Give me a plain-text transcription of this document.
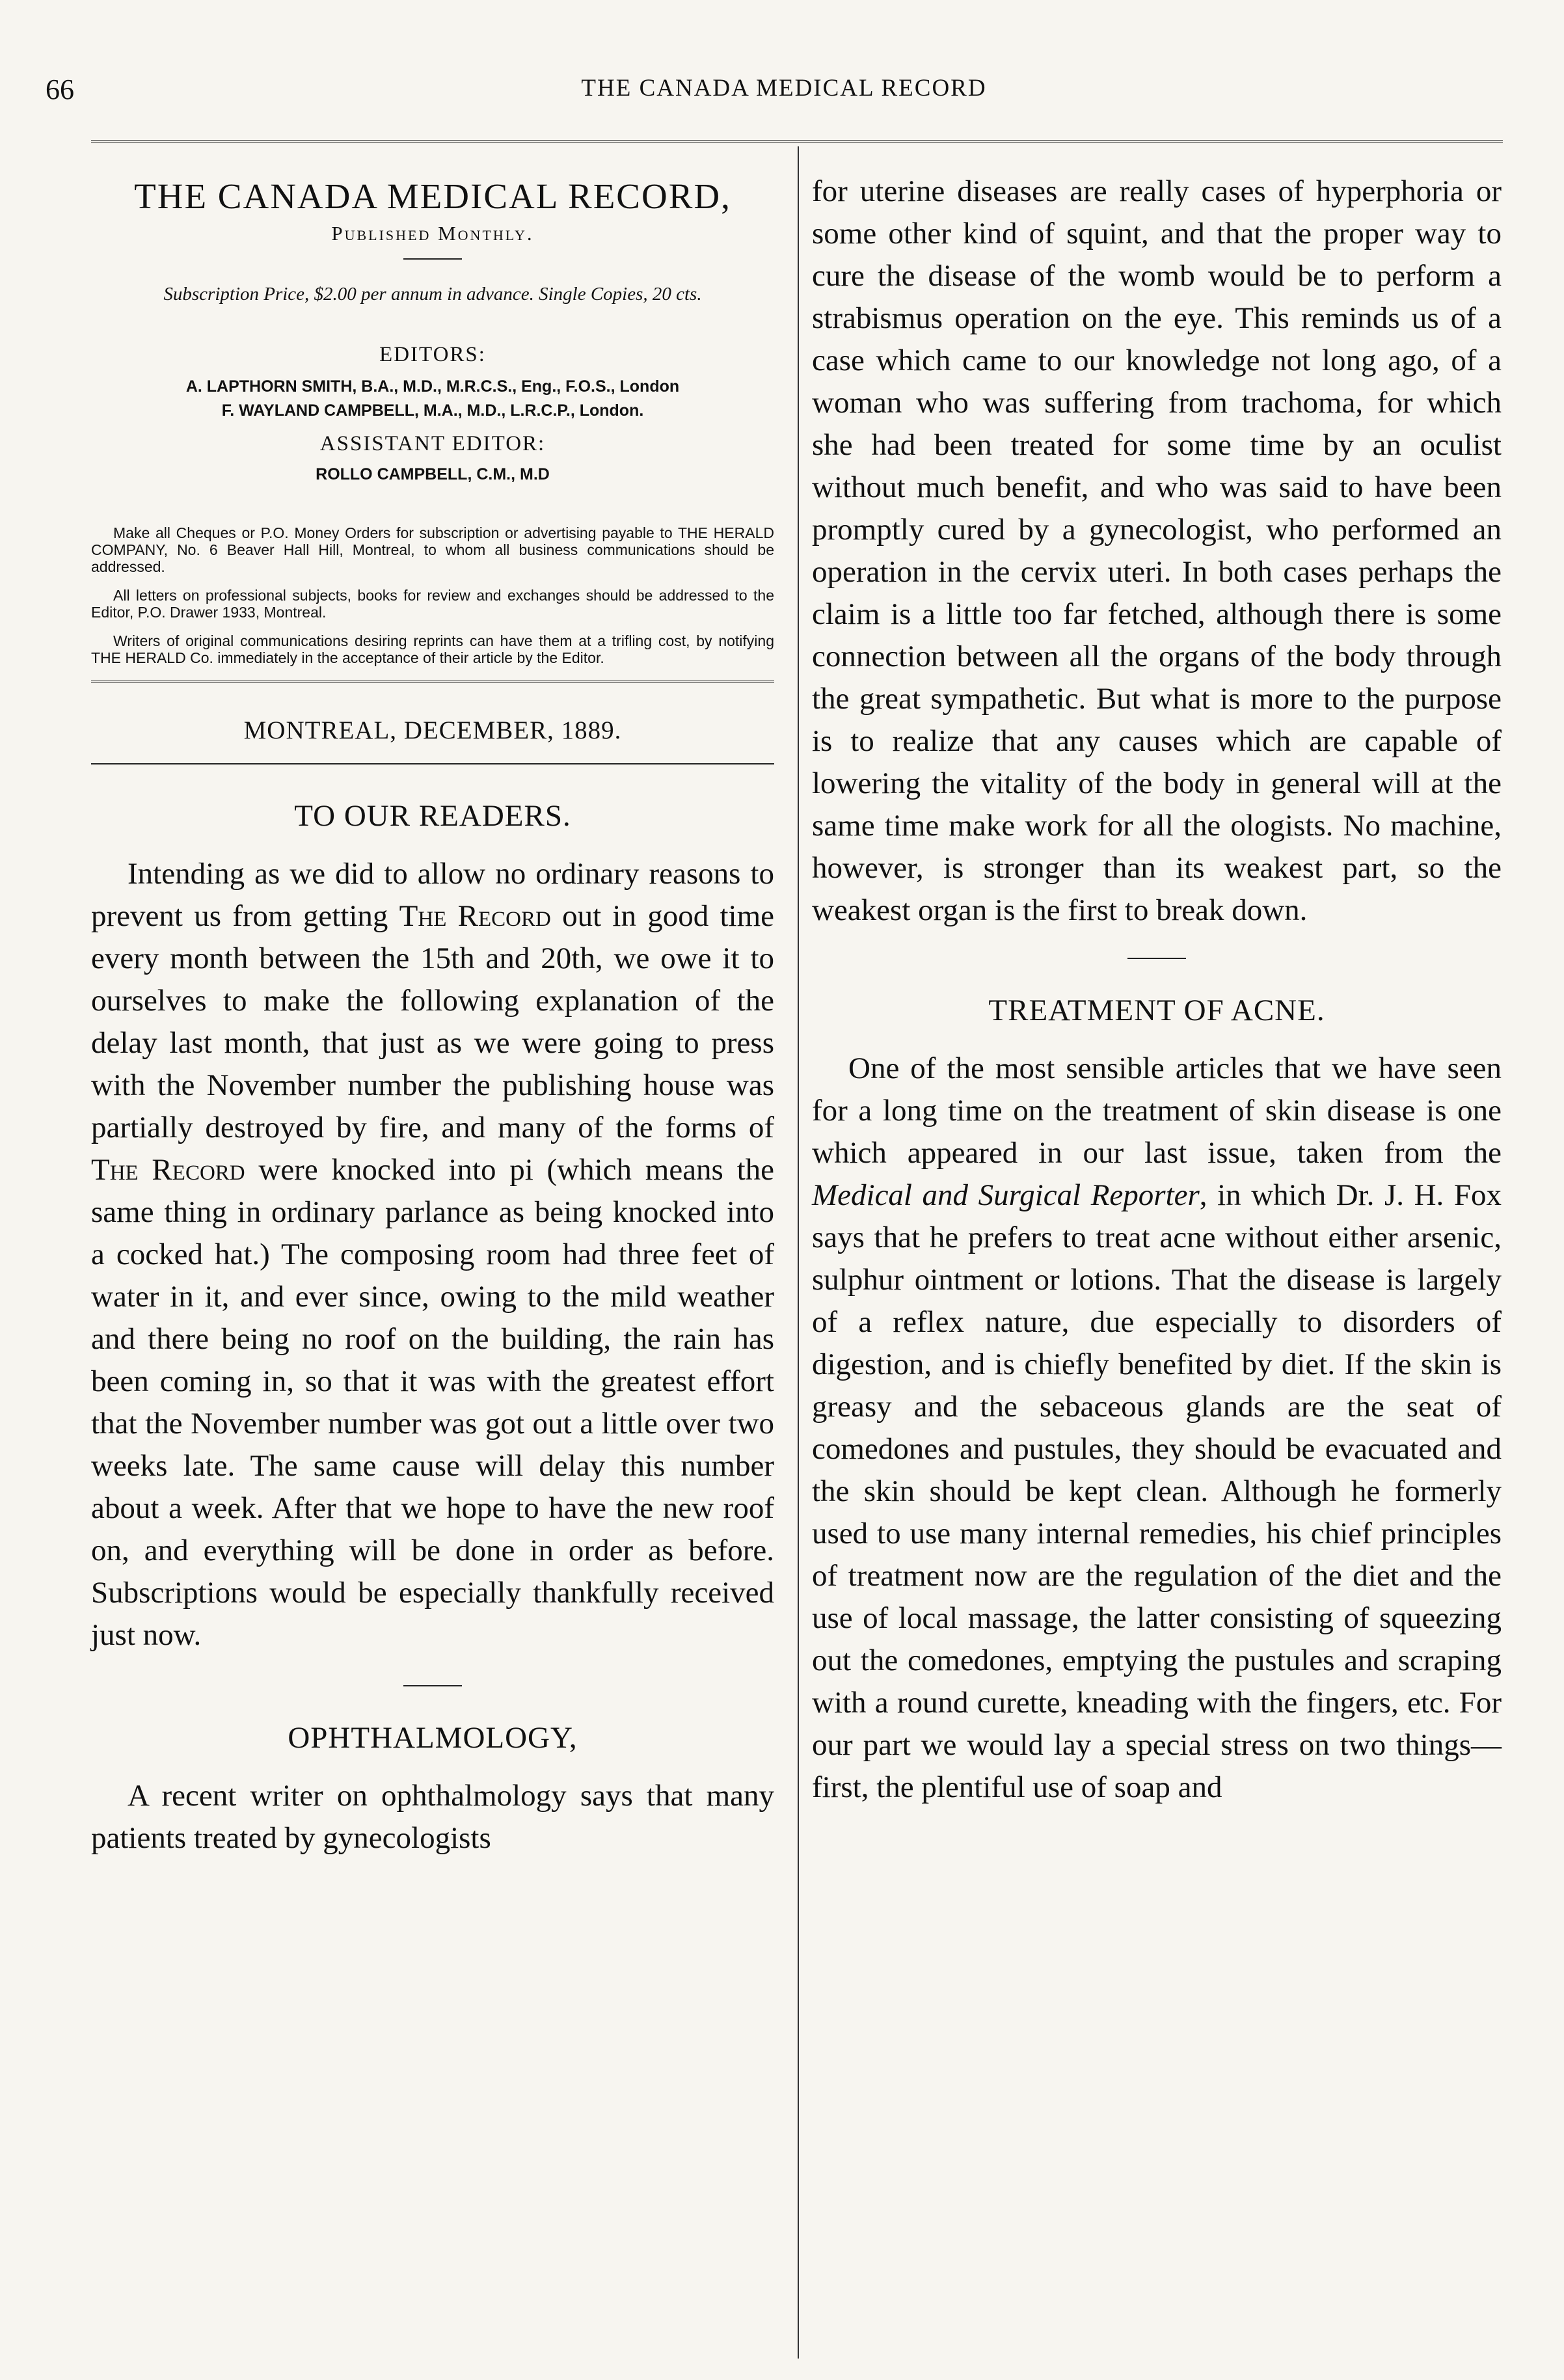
66	THE CANADA MEDICAL RECORD
THE CANADA MEDICAL RECORD,
Published Monthly.
Subscription Price, $2.00 per annum in advance. Single Copies, 20 cts.
EDITORS:
A. LAPTHORN SMITH, B.A., M.D., M.R.C.S., Eng., F.O.S., London
F. WAYLAND CAMPBELL, M.A., M.D., L.R.C.P., London.
ASSISTANT EDITOR:
ROLLO CAMPBELL, C.M., M.D

Make all Cheques or P.O. Money Orders for subscription or advertising payable to THE HERALD COMPANY, No. 6 Beaver Hall Hill, Montreal, to whom all business communications should be addressed.

All letters on professional subjects, books for review and exchanges should be addressed to the Editor, P.O. Drawer 1933, Montreal.

Writers of original communications desiring reprints can have them at a trifling cost, by notifying THE HERALD Co. immediately in the acceptance of their article by the Editor.

MONTREAL, DECEMBER, 1889.
TO OUR READERS.

Intending as we did to allow no ordinary reasons to prevent us from getting The Record out in good time every month between the 15th and 20th, we owe it to ourselves to make the following explanation of the delay last month, that just as we were going to press with the November number the publishing house was partially destroyed by fire, and many of the forms of The Record were knocked into pi (which means the same thing in ordinary parlance as being knocked into a cocked hat.) The composing room had three feet of water in it, and ever since, owing to the mild weather and there being no roof on the building, the rain has been coming in, so that it was with the greatest effort that the November number was got out a little over two weeks late. The same cause will delay this number about a week. After that we hope to have the new roof on, and everything will be done in order as before. Subscriptions would be especially thankfully received just now.

OPHTHALMOLOGY,

A recent writer on ophthalmology says that many patients treated by gynecologists

for uterine diseases are really cases of hyperphoria or some other kind of squint, and that the proper way to cure the disease of the womb would be to perform a strabismus operation on the eye. This reminds us of a case which came to our knowledge not long ago, of a woman who was suffering from trachoma, for which she had been treated for some time by an oculist without much benefit, and who was said to have been promptly cured by a gynecologist, who performed an operation in the cervix uteri. In both cases perhaps the claim is a little too far fetched, although there is some connection between all the organs of the body through the great sympathetic. But what is more to the purpose is to realize that any causes which are capable of lowering the vitality of the body in general will at the same time make work for all the ologists. No machine, however, is stronger than its weakest part, so the weakest organ is the first to break down.

TREATMENT OF ACNE.

One of the most sensible articles that we have seen for a long time on the treatment of skin disease is one which appeared in our last issue, taken from the Medical and Surgical Reporter, in which Dr. J. H. Fox says that he prefers to treat acne without either arsenic, sulphur ointment or lotions. That the disease is largely of a reflex nature, due especially to disorders of digestion, and is chiefly benefited by diet. If the skin is greasy and the sebaceous glands are the seat of comedones and pustules, they should be evacuated and the skin should be kept clean. Although he formerly used to use many internal remedies, his chief principles of treatment now are the regulation of the diet and the use of local massage, the latter consisting of squeezing out the comedones, emptying the pustules and scraping with a round curette, kneading with the fingers, etc. For our part we would lay a special stress on two things—first, the plentiful use of soap and
